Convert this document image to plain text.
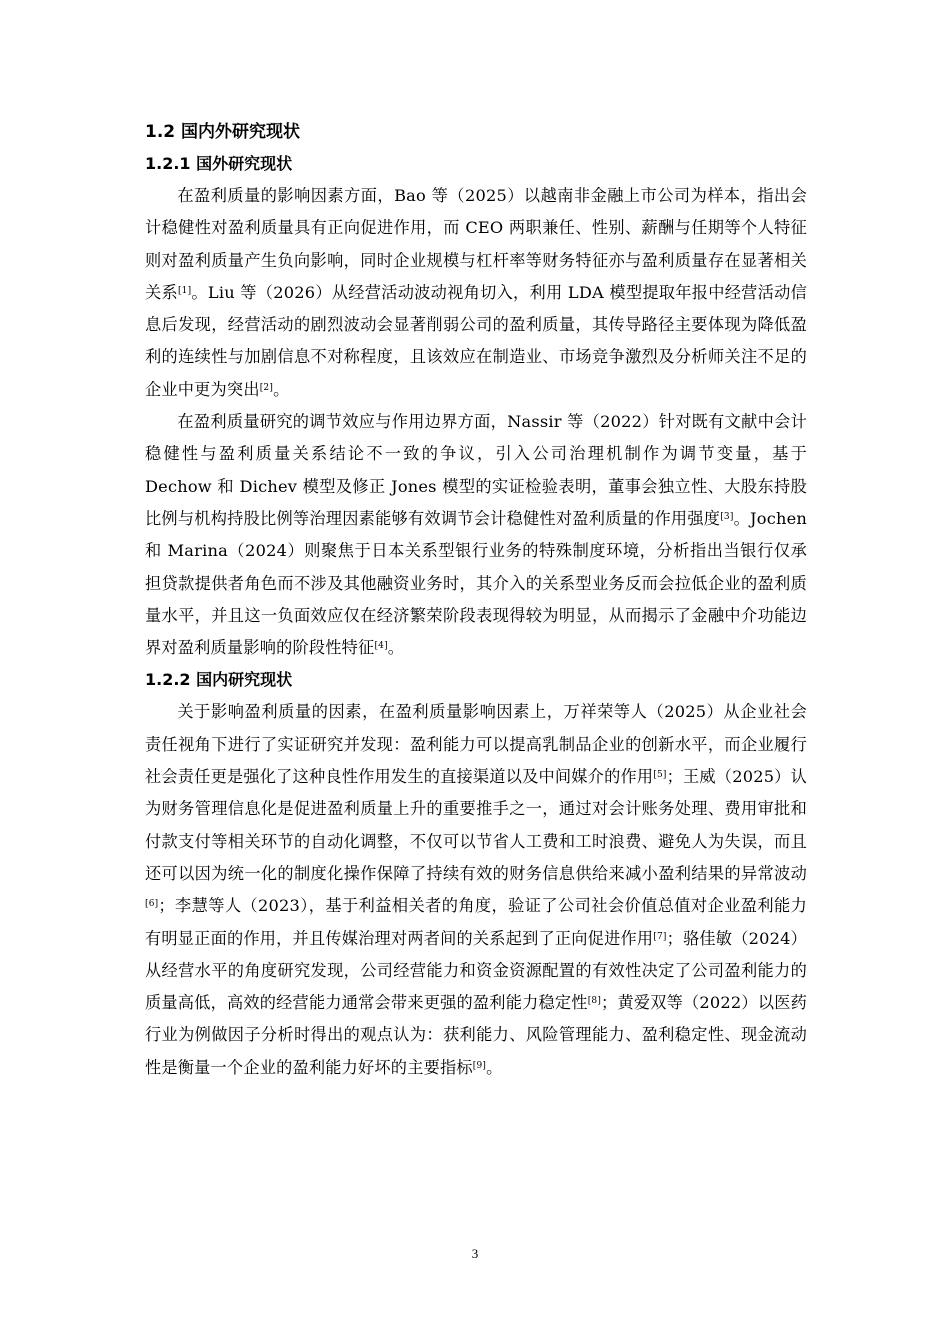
1.2 国内外研究现状
1.2.1 国外研究现状

在盈利质量的影响因素方面，Bao 等（2025）以越南非金融上市公司为样本，指出会计稳健性对盈利质量具有正向促进作用，而 CEO 两职兼任、性别、薪酬与任期等个人特征则对盈利质量产生负向影响，同时企业规模与杠杆率等财务特征亦与盈利质量存在显著相关关系[1]。Liu 等（2026）从经营活动波动视角切入，利用 LDA 模型提取年报中经营活动信息后发现，经营活动的剧烈波动会显著削弱公司的盈利质量，其传导路径主要体现为降低盈利的连续性与加剧信息不对称程度，且该效应在制造业、市场竞争激烈及分析师关注不足的企业中更为突出[2]。

在盈利质量研究的调节效应与作用边界方面，Nassir 等（2022）针对既有文献中会计稳健性与盈利质量关系结论不一致的争议，引入公司治理机制作为调节变量，基于 Dechow 和 Dichev 模型及修正 Jones 模型的实证检验表明，董事会独立性、大股东持股比例与机构持股比例等治理因素能够有效调节会计稳健性对盈利质量的作用强度[3]。Jochen 和 Marina（2024）则聚焦于日本关系型银行业务的特殊制度环境，分析指出当银行仅承担贷款提供者角色而不涉及其他融资业务时，其介入的关系型业务反而会拉低企业的盈利质量水平，并且这一负面效应仅在经济繁荣阶段表现得较为明显，从而揭示了金融中介功能边界对盈利质量影响的阶段性特征[4]。

1.2.2 国内研究现状

关于影响盈利质量的因素，在盈利质量影响因素上，万祥荣等人（2025）从企业社会责任视角下进行了实证研究并发现：盈利能力可以提高乳制品企业的创新水平，而企业履行社会责任更是强化了这种良性作用发生的直接渠道以及中间媒介的作用[5]；王威（2025）认为财务管理信息化是促进盈利质量上升的重要推手之一，通过对会计账务处理、费用审批和付款支付等相关环节的自动化调整，不仅可以节省人工费和工时浪费、避免人为失误，而且还可以因为统一化的制度化操作保障了持续有效的财务信息供给来减小盈利结果的异常波动[6]；李慧等人（2023），基于利益相关者的角度，验证了公司社会价值总值对企业盈利能力有明显正面的作用，并且传媒治理对两者间的关系起到了正向促进作用[7]；骆佳敏（2024）从经营水平的角度研究发现，公司经营能力和资金资源配置的有效性决定了公司盈利能力的质量高低，高效的经营能力通常会带来更强的盈利能力稳定性[8]；黄爱双等（2022）以医药行业为例做因子分析时得出的观点认为：获利能力、风险管理能力、盈利稳定性、现金流动性是衡量一个企业的盈利能力好坏的主要指标[9]。

3
